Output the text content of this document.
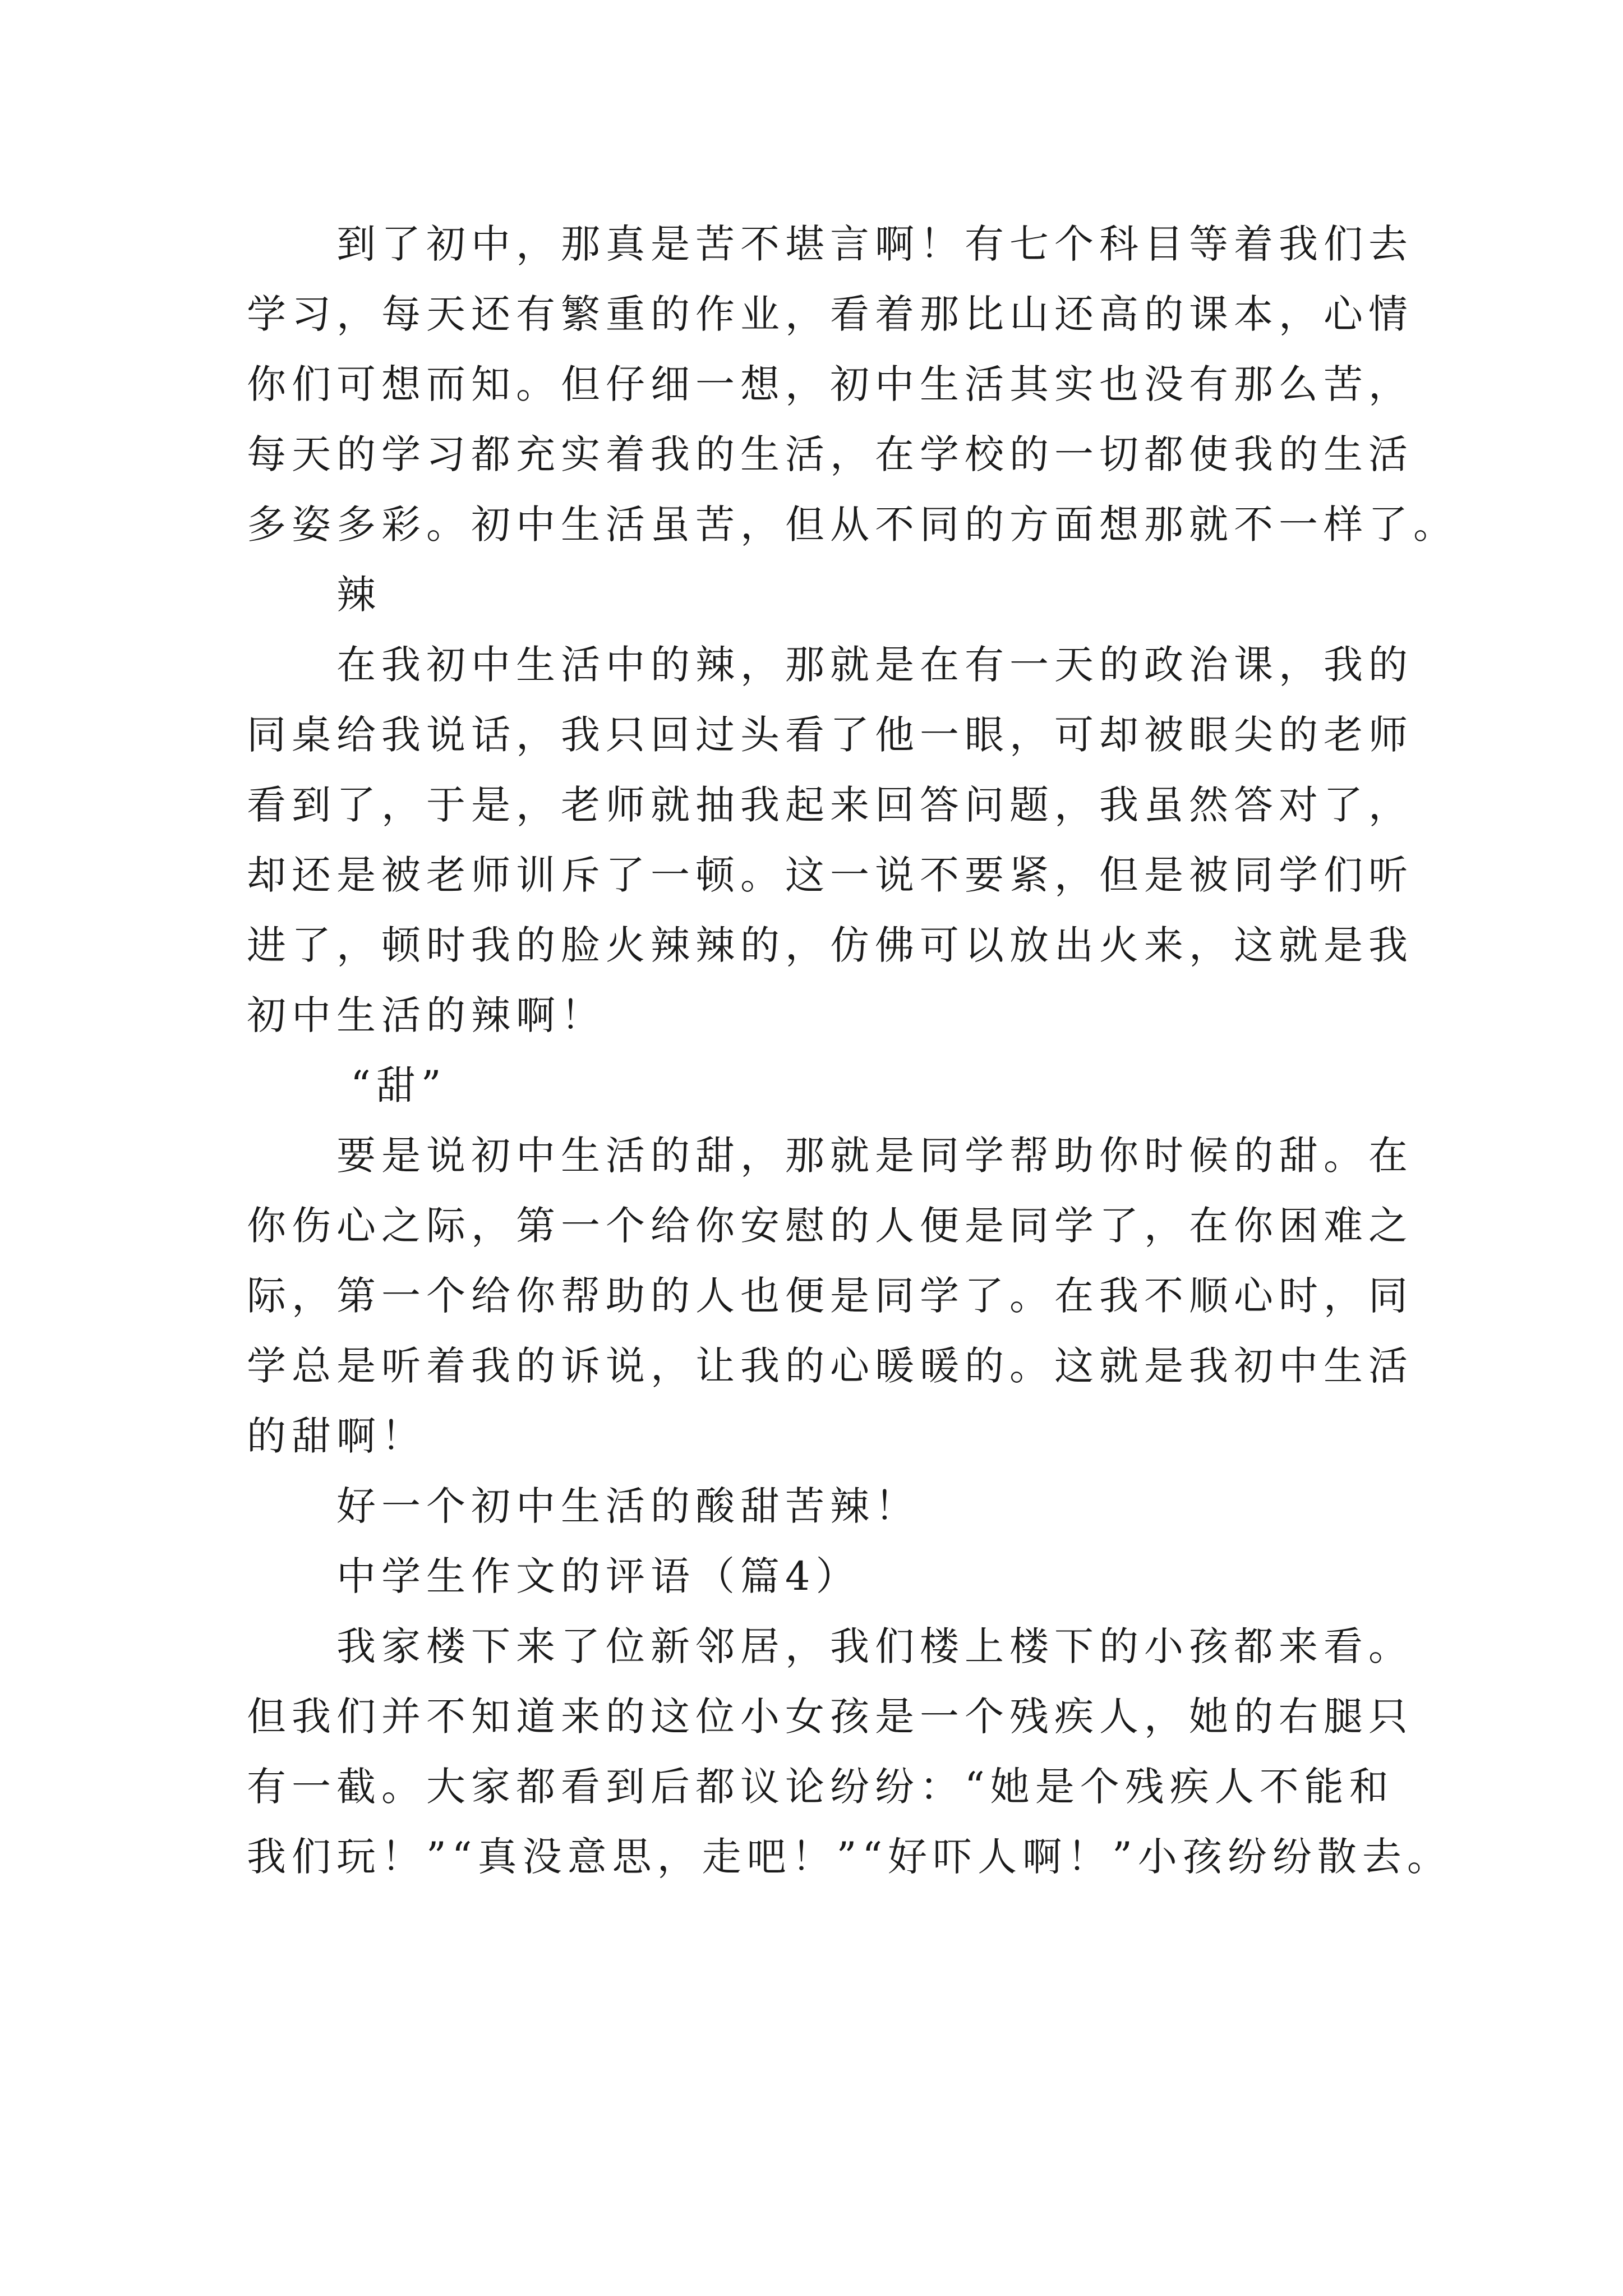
到了初中，那真是苦不堪言啊！有七个科目等着我们去
学习，每天还有繁重的作业，看着那比山还高的课本，心情
你们可想而知。但仔细一想，初中生活其实也没有那么苦，
每天的学习都充实着我的生活，在学校的一切都使我的生活
多姿多彩。初中生活虽苦，但从不同的方面想那就不一样了。
辣
在我初中生活中的辣，那就是在有一天的政治课，我的
同桌给我说话，我只回过头看了他一眼，可却被眼尖的老师
看到了，于是，老师就抽我起来回答问题，我虽然答对了，
却还是被老师训斥了一顿。这一说不要紧，但是被同学们听
进了，顿时我的脸火辣辣的，仿佛可以放出火来，这就是我
初中生活的辣啊！
“甜”
要是说初中生活的甜，那就是同学帮助你时候的甜。在
你伤心之际，第一个给你安慰的人便是同学了，在你困难之
际，第一个给你帮助的人也便是同学了。在我不顺心时，同
学总是听着我的诉说，让我的心暖暖的。这就是我初中生活
的甜啊！
好一个初中生活的酸甜苦辣！
中学生作文的评语（篇4）
我家楼下来了位新邻居，我们楼上楼下的小孩都来看。
但我们并不知道来的这位小女孩是一个残疾人，她的右腿只
有一截。大家都看到后都议论纷纷：“她是个残疾人不能和
我们玩！”“真没意思，走吧！”“好吓人啊！”小孩纷纷散去。
